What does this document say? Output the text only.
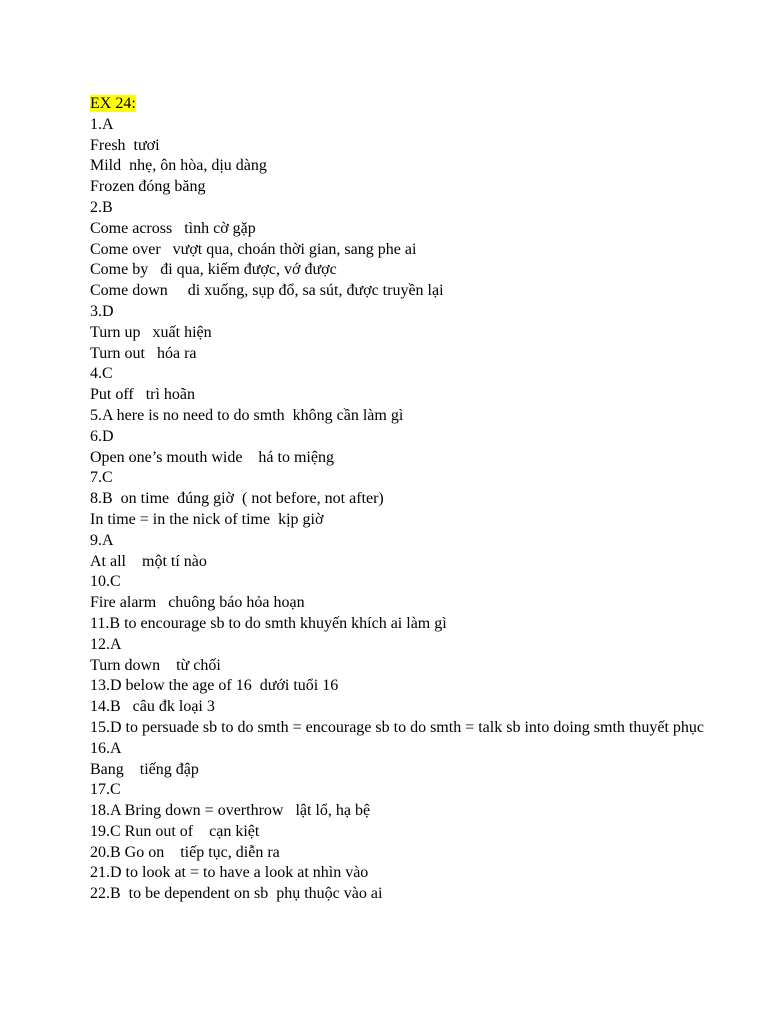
EX 24:
1.A
Fresh  tươi
Mild  nhẹ, ôn hòa, dịu dàng
Frozen đóng băng
2.B
Come across   tình cờ gặp
Come over   vượt qua, choán thời gian, sang phe ai
Come by   đi qua, kiếm được, vớ được
Come down     di xuống, sụp đổ, sa sút, được truyền lại
3.D
Turn up   xuất hiện
Turn out   hóa ra
4.C
Put off   trì hoãn
5.A here is no need to do smth  không cần làm gì
6.D
Open one’s mouth wide    há to miệng
7.C
8.B  on time  đúng giờ  ( not before, not after)
In time = in the nick of time  kịp giờ
9.A
At all    một tí nào
10.C
Fire alarm   chuông báo hỏa hoạn
11.B to encourage sb to do smth khuyến khích ai làm gì
12.A
Turn down    từ chối
13.D below the age of 16  dưới tuổi 16
14.B   câu đk loại 3
15.D to persuade sb to do smth = encourage sb to do smth = talk sb into doing smth thuyết phục
16.A
Bang    tiếng đập
17.C
18.A Bring down = overthrow   lật lổ, hạ bệ
19.C Run out of    cạn kiệt
20.B Go on    tiếp tục, diễn ra
21.D to look at = to have a look at nhìn vào
22.B  to be dependent on sb  phụ thuộc vào ai
